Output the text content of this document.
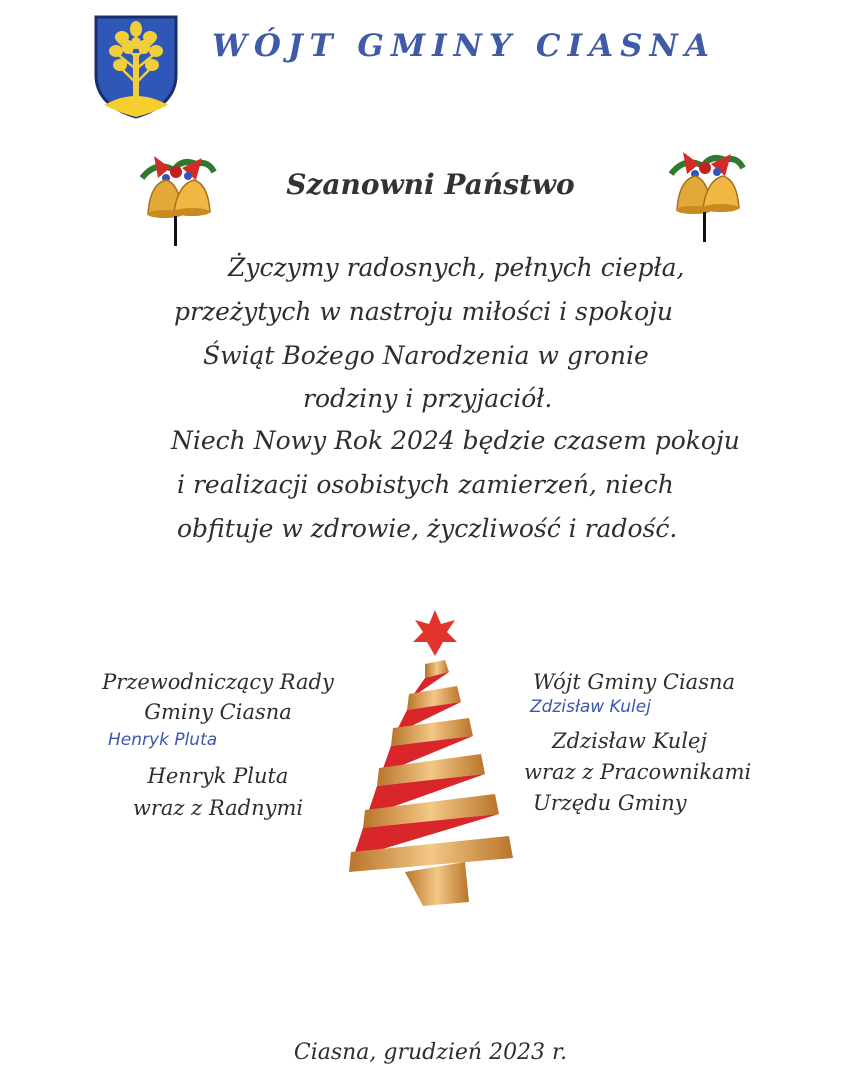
WÓJT GMINY CIASNA
Szanowni Państwo
Życzymy radosnych, pełnych ciepła,
przeżytych w nastroju miłości i spokoju
Świąt Bożego Narodzenia w gronie
rodziny i przyjaciół.
Niech Nowy Rok 2024 będzie czasem pokoju
i realizacji osobistych zamierzeń, niech
obfituje w zdrowie, życzliwość i radość.
Przewodniczący Rady
Gminy Ciasna
Henryk Pluta
Henryk Pluta
wraz z Radnymi
Wójt Gminy Ciasna
Zdzisław Kulej
Zdzisław Kulej
wraz z Pracownikami
Urzędu Gminy
Ciasna, grudzień 2023 r.
